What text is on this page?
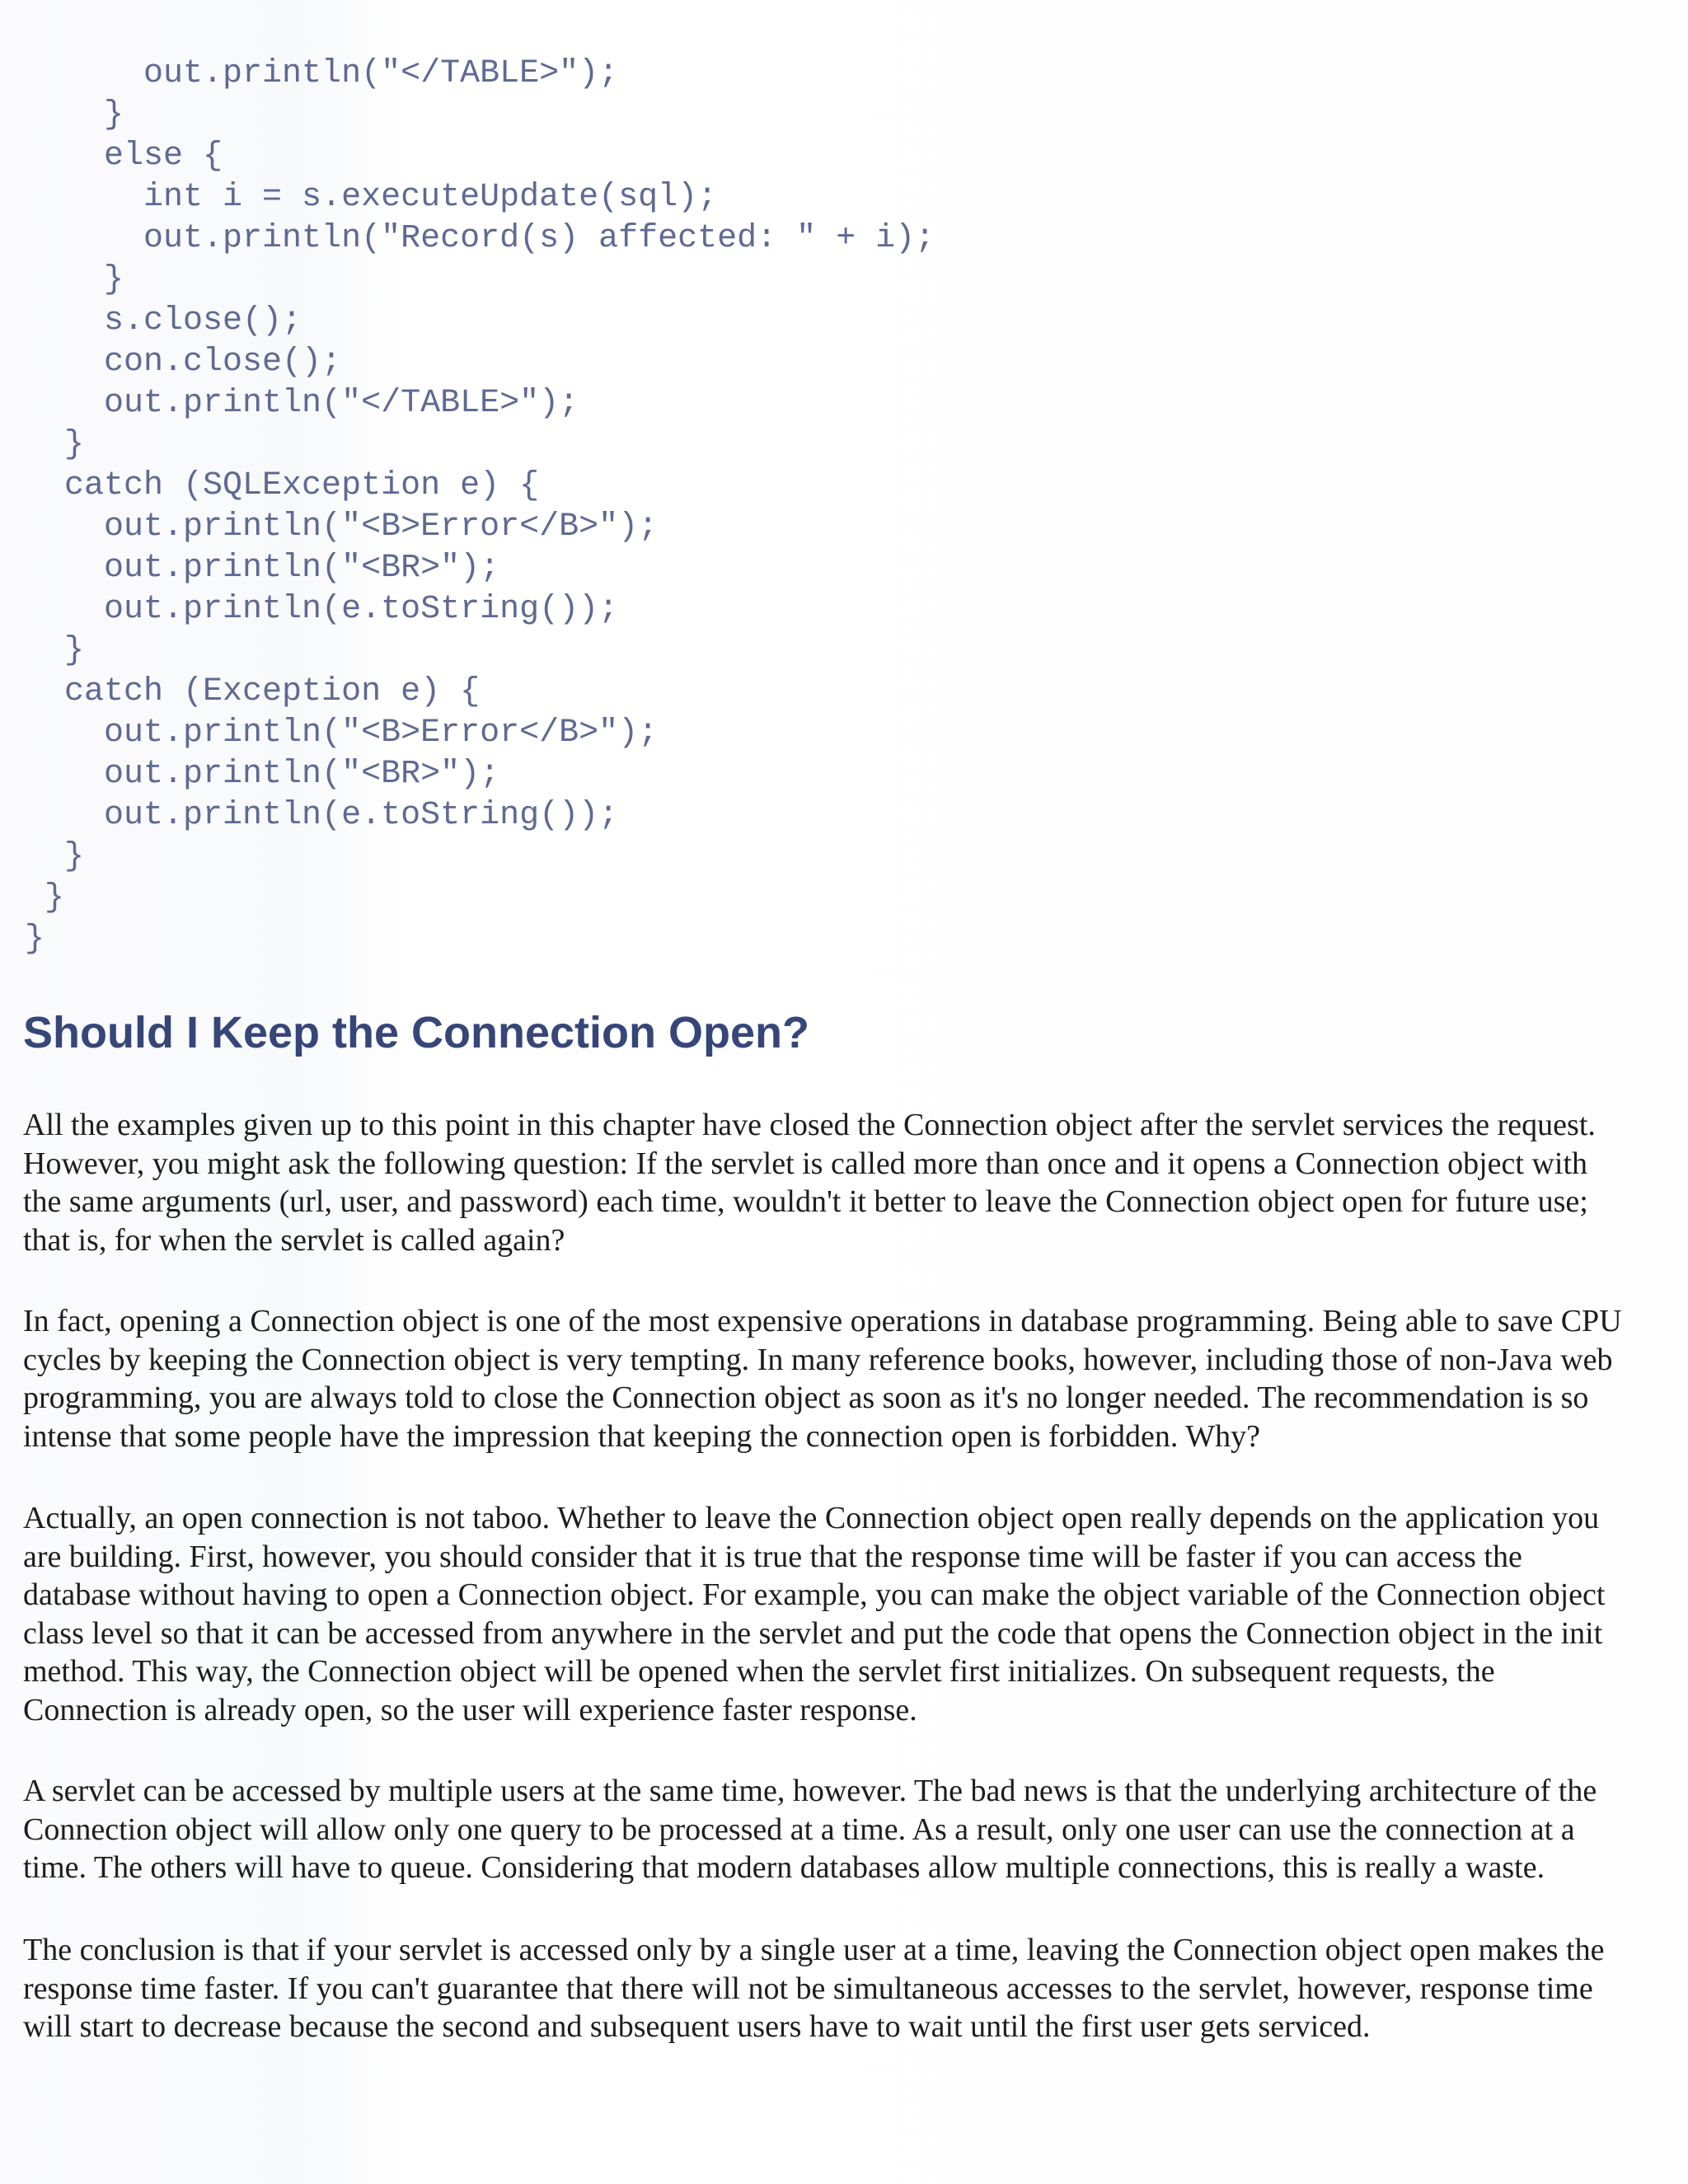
out.println("</TABLE>");
}
else {
int i = s.executeUpdate(sql);
out.println("Record(s) affected: " + i);
}
s.close();
con.close();
out.println("</TABLE>");
}
catch (SQLException e) {
out.println("<B>Error</B>");
out.println("<BR>");
out.println(e.toString());
}
catch (Exception e) {
out.println("<B>Error</B>");
out.println("<BR>");
out.println(e.toString());
}
}
}
Should I Keep the Connection Open?

All the examples given up to this point in this chapter have closed the Connection object after the servlet services the request.
However, you might ask the following question: If the servlet is called more than once and it opens a Connection object with
the same arguments (url, user, and password) each time, wouldn't it better to leave the Connection object open for future use;
that is, for when the servlet is called again?

In fact, opening a Connection object is one of the most expensive operations in database programming. Being able to save CPU
cycles by keeping the Connection object is very tempting. In many reference books, however, including those of non-Java web
programming, you are always told to close the Connection object as soon as it's no longer needed. The recommendation is so
intense that some people have the impression that keeping the connection open is forbidden. Why?

Actually, an open connection is not taboo. Whether to leave the Connection object open really depends on the application you
are building. First, however, you should consider that it is true that the response time will be faster if you can access the
database without having to open a Connection object. For example, you can make the object variable of the Connection object
class level so that it can be accessed from anywhere in the servlet and put the code that opens the Connection object in the init
method. This way, the Connection object will be opened when the servlet first initializes. On subsequent requests, the
Connection is already open, so the user will experience faster response.

A servlet can be accessed by multiple users at the same time, however. The bad news is that the underlying architecture of the
Connection object will allow only one query to be processed at a time. As a result, only one user can use the connection at a
time. The others will have to queue. Considering that modern databases allow multiple connections, this is really a waste.

The conclusion is that if your servlet is accessed only by a single user at a time, leaving the Connection object open makes the
response time faster. If you can't guarantee that there will not be simultaneous accesses to the servlet, however, response time
will start to decrease because the second and subsequent users have to wait until the first user gets serviced.
